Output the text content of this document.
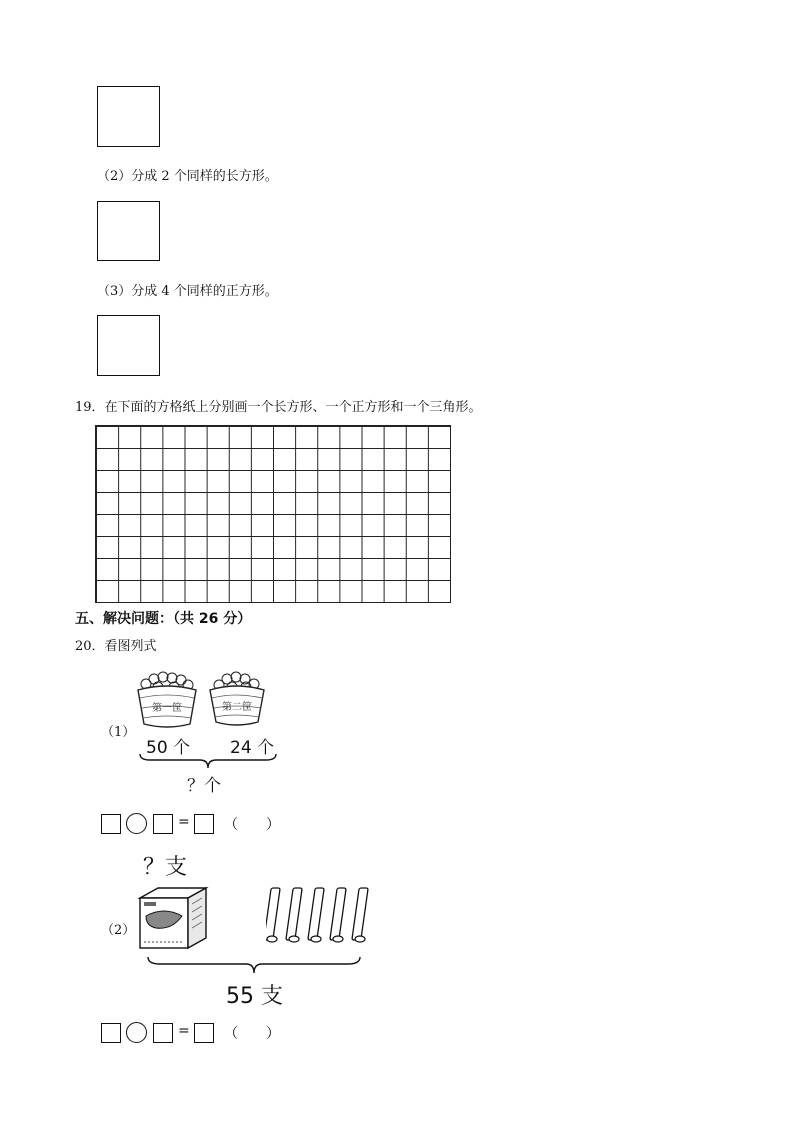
（2）分成 2 个同样的长方形。
（3）分成 4 个同样的正方形。
19．在下面的方格纸上分别画一个长方形、一个正方形和一个三角形。
五、解决问题：（共 26 分）
20．看图列式
（1）
第一筐	第二筐
50 个 24 个
？个
= （　　）
？支
（2）
55 支
= （　　）
